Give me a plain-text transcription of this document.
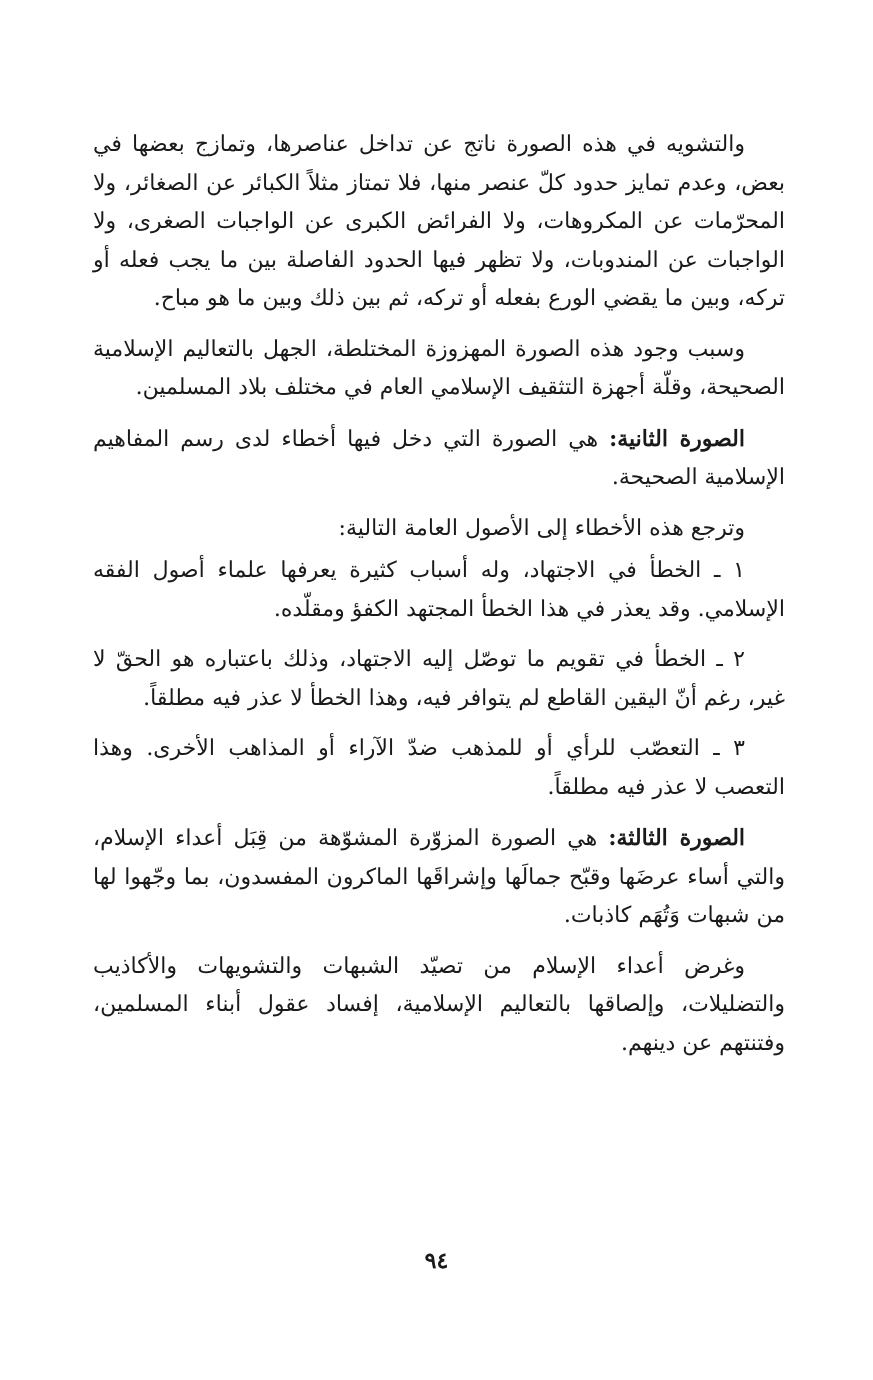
والتشويه في هذه الصورة ناتج عن تداخل عناصرها، وتمازج بعضها في بعض، وعدم تمايز حدود كلّ عنصر منها، فلا تمتاز مثلاً الكبائر عن الصغائر، ولا المحرّمات عن المكروهات، ولا الفرائض الكبرى عن الواجبات الصغرى، ولا الواجبات عن المندوبات، ولا تظهر فيها الحدود الفاصلة بين ما يجب فعله أو تركه، وبين ما يقضي الورع بفعله أو تركه، ثم بين ذلك وبين ما هو مباح.

وسبب وجود هذه الصورة المهزوزة المختلطة، الجهل بالتعاليم الإسلامية الصحيحة، وقلّة أجهزة التثقيف الإسلامي العام في مختلف بلاد المسلمين.

الصورة الثانية: هي الصورة التي دخل فيها أخطاء لدى رسم المفاهيم الإسلامية الصحيحة.

وترجع هذه الأخطاء إلى الأصول العامة التالية:

١ ـ الخطأ في الاجتهاد، وله أسباب كثيرة يعرفها علماء أصول الفقه الإسلامي. وقد يعذر في هذا الخطأ المجتهد الكفؤ ومقلّده.

٢ ـ الخطأ في تقويم ما توصّل إليه الاجتهاد، وذلك باعتباره هو الحقّ لا غير، رغم أنّ اليقين القاطع لم يتوافر فيه، وهذا الخطأ لا عذر فيه مطلقاً.

٣ ـ التعصّب للرأي أو للمذهب ضدّ الآراء أو المذاهب الأخرى. وهذا التعصب لا عذر فيه مطلقاً.

الصورة الثالثة: هي الصورة المزوّرة المشوّهة من قِبَل أعداء الإسلام، والتي أساء عرضَها وقبّح جمالَها وإشراقَها الماكرون المفسدون، بما وجّهوا لها من شبهات وَتُهَم كاذبات.

وغرض أعداء الإسلام من تصيّد الشبهات والتشويهات والأكاذيب والتضليلات، وإلصاقها بالتعاليم الإسلامية، إفساد عقول أبناء المسلمين، وفتنتهم عن دينهم.

٩٤
